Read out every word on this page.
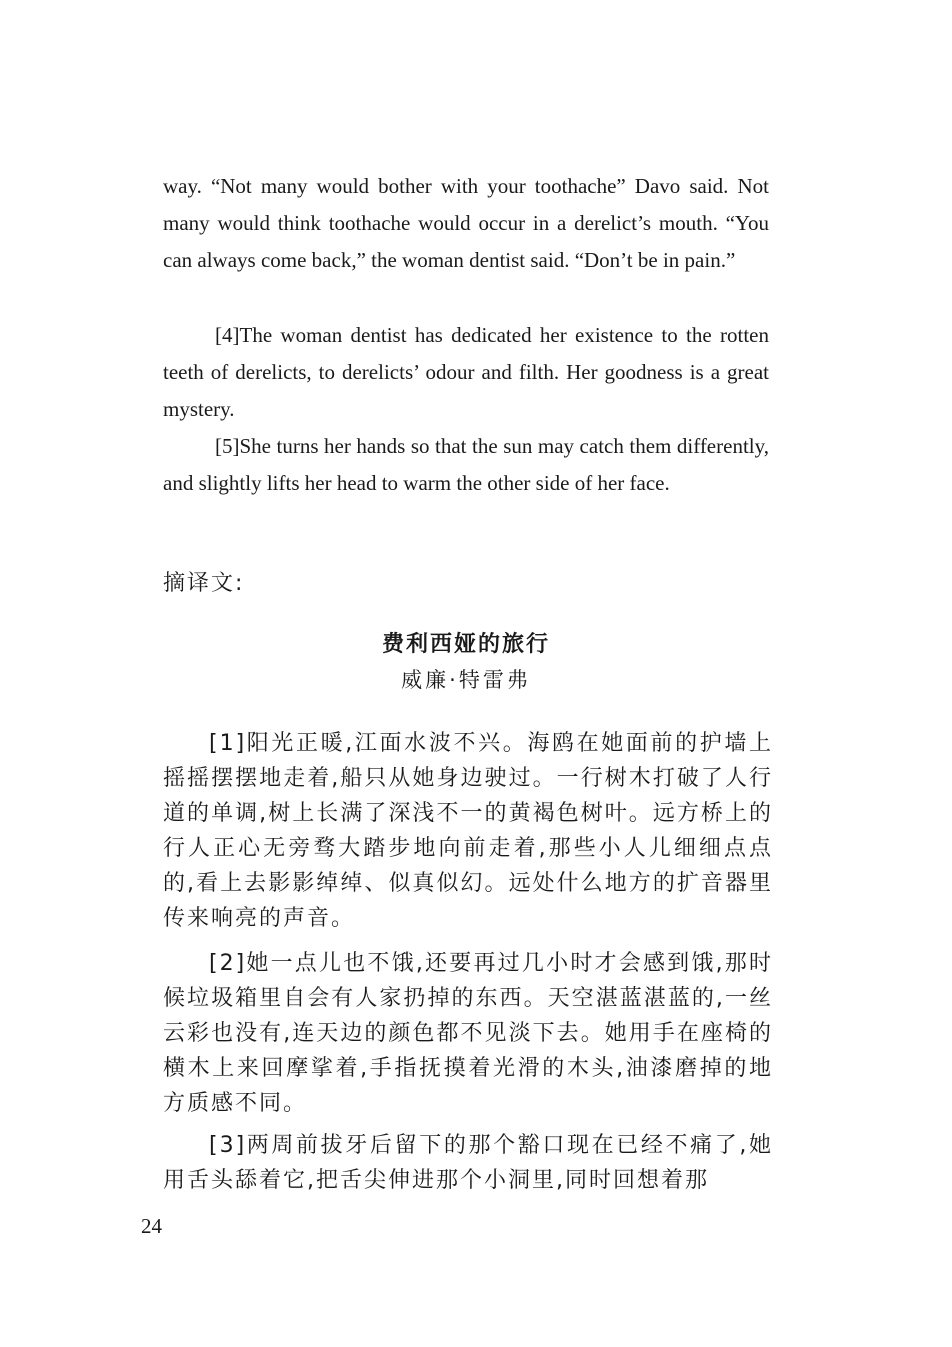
way. “Not many would bother with your toothache” Davo said. Not many would think toothache would occur in a derelict’s mouth. “You can always come back,” the woman dentist said. “Don’t be in pain.”

[4]The woman dentist has dedicated her existence to the rotten teeth of derelicts, to derelicts’ odour and filth. Her goodness is a great mystery.

[5]She turns her hands so that the sun may catch them differently, and slightly lifts her head to warm the other side of her face.

摘译文:

费利西娅的旅行

威廉·特雷弗

[1]阳光正暖,江面水波不兴。海鸥在她面前的护墙上摇摇摆摆地走着,船只从她身边驶过。一行树木打破了人行道的单调,树上长满了深浅不一的黄褐色树叶。远方桥上的行人正心无旁骛大踏步地向前走着,那些小人儿细细点点的,看上去影影绰绰、似真似幻。远处什么地方的扩音器里传来响亮的声音。

[2]她一点儿也不饿,还要再过几小时才会感到饿,那时候垃圾箱里自会有人家扔掉的东西。天空湛蓝湛蓝的,一丝云彩也没有,连天边的颜色都不见淡下去。她用手在座椅的横木上来回摩挲着,手指抚摸着光滑的木头,油漆磨掉的地方质感不同。

[3]两周前拔牙后留下的那个豁口现在已经不痛了,她用舌头舔着它,把舌尖伸进那个小洞里,同时回想着那

24
